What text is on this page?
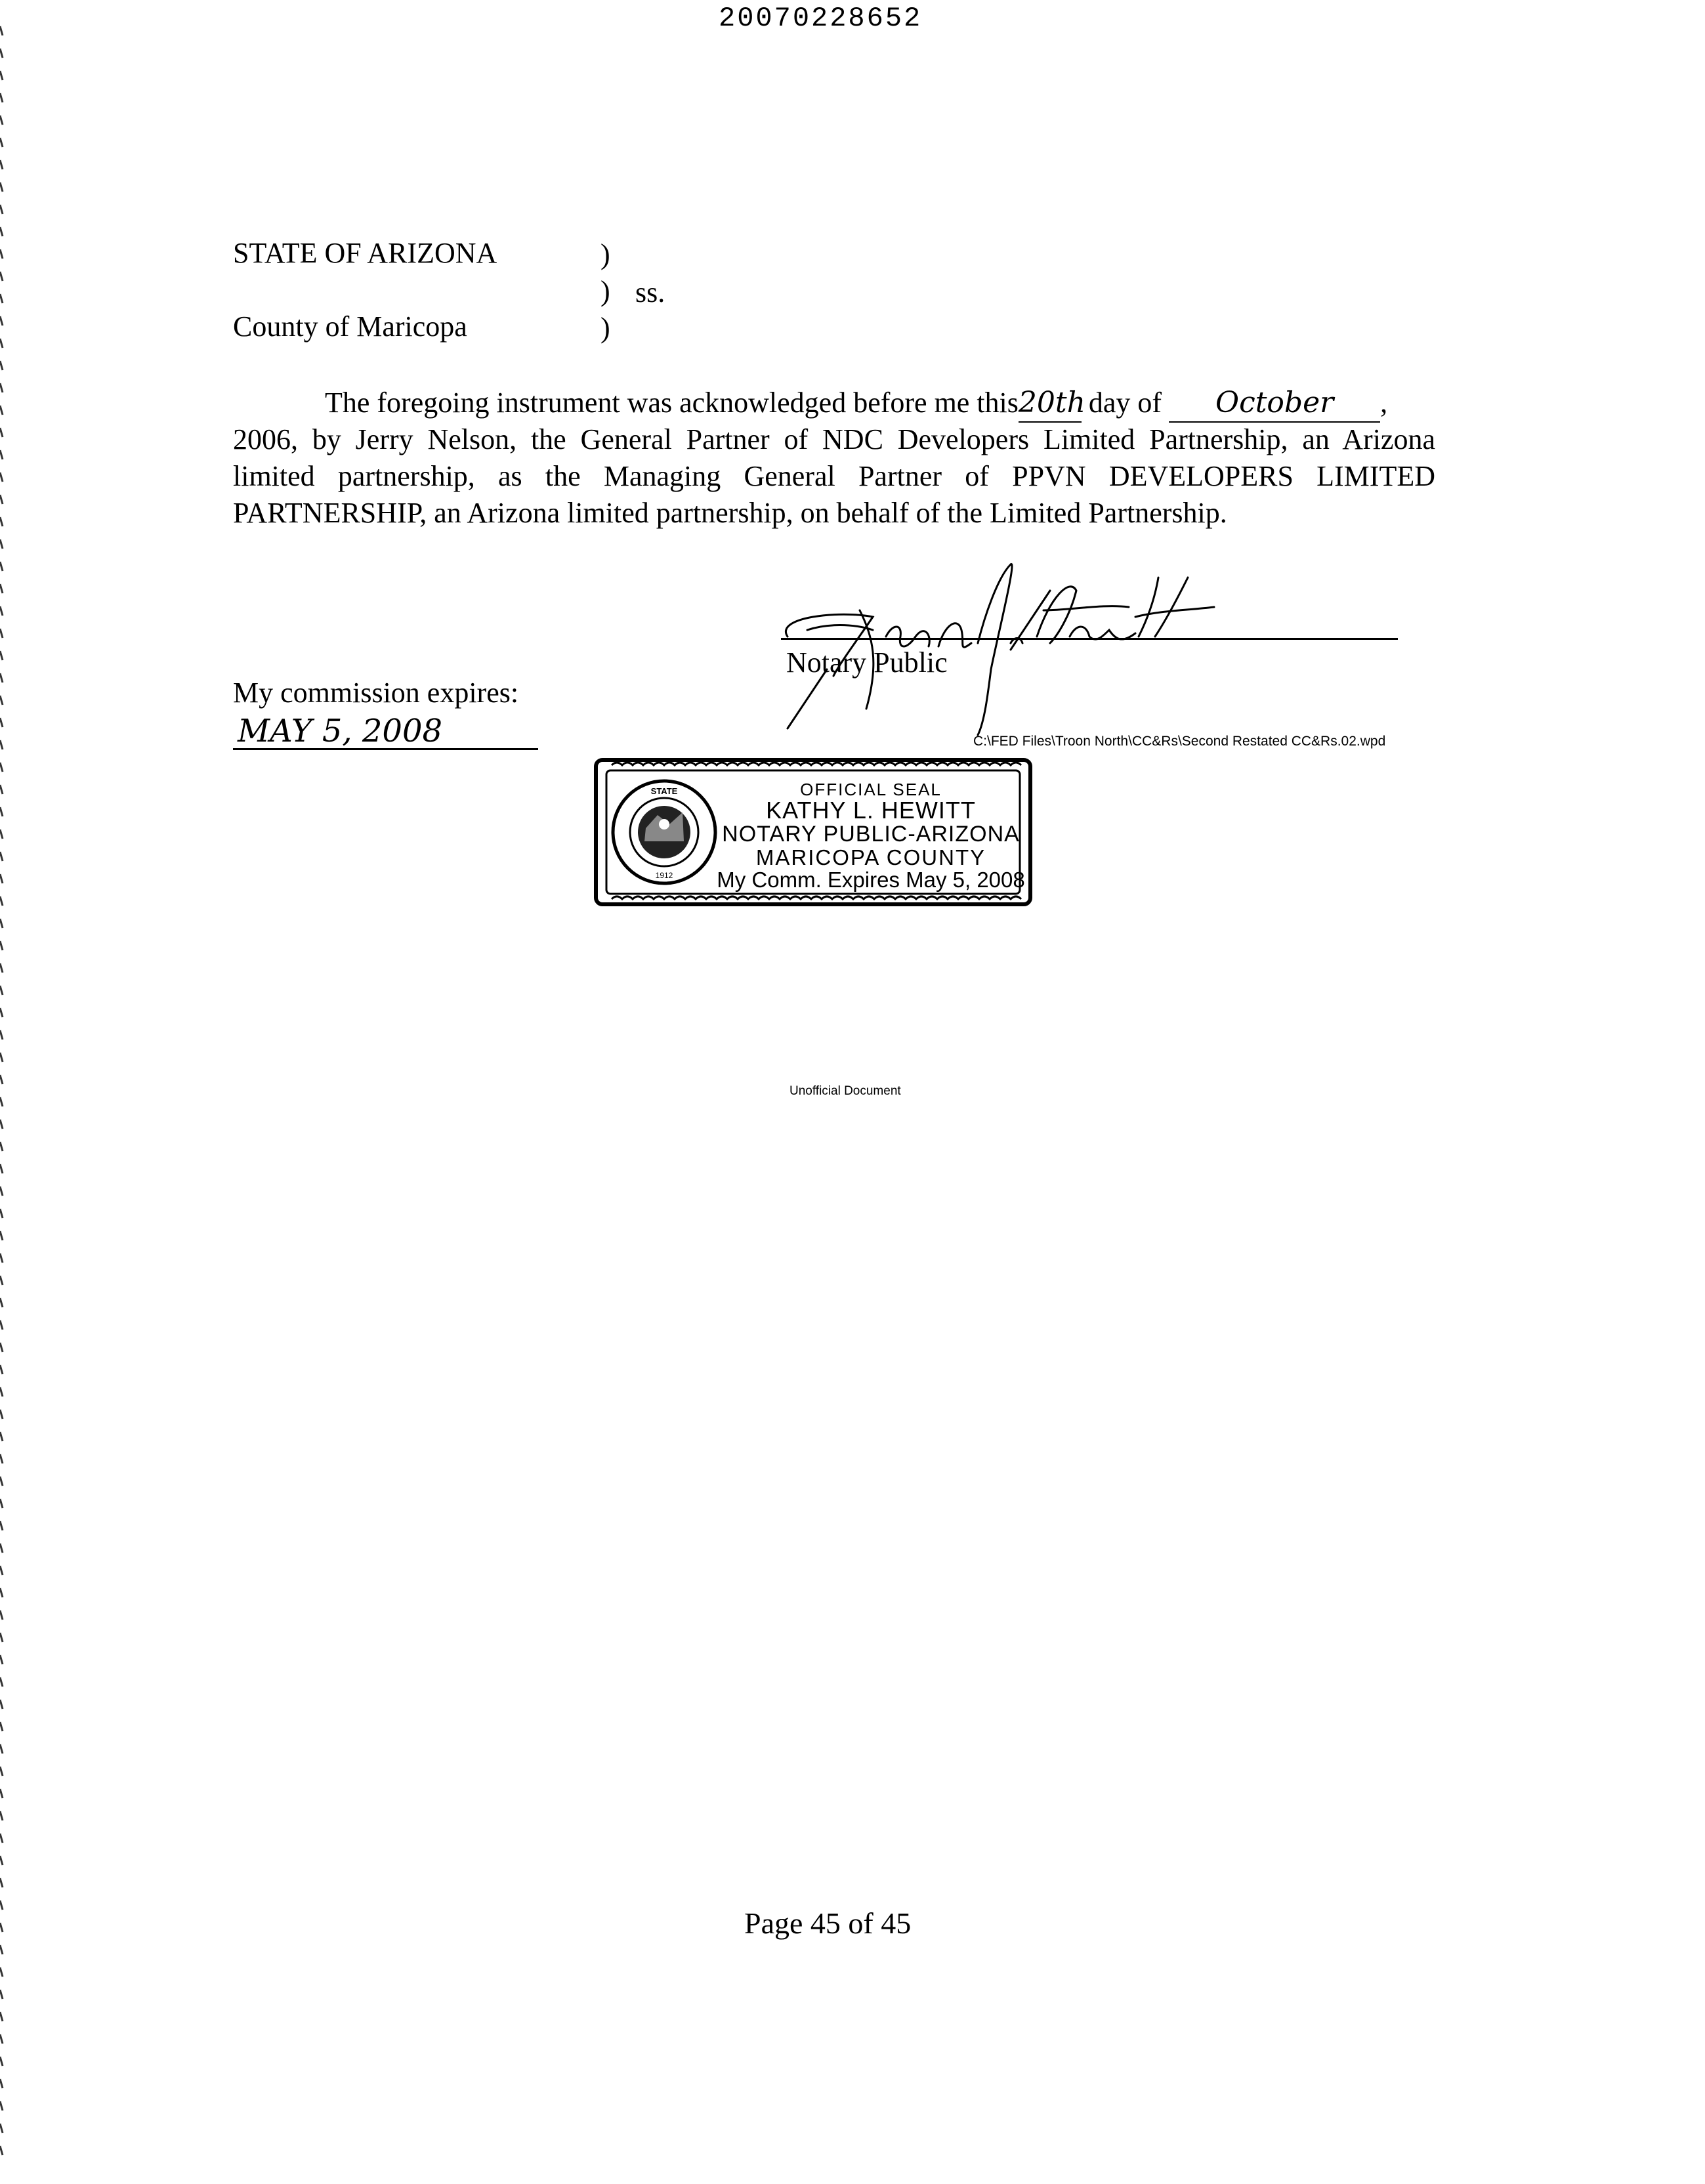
20070228652
STATE OF ARIZONA	)
) ss.
County of Maricopa	)
The foregoing instrument was acknowledged before me this20th day of October ,
2006, by Jerry Nelson, the General Partner of NDC Developers Limited Partnership, an Arizona
limited partnership, as the Managing General Partner of PPVN DEVELOPERS LIMITED
PARTNERSHIP, an Arizona limited partnership, on behalf of the Limited Partnership.
Notary Public
My commission expires:
MAY 5, 2008	C:\FED Files\Troon North\CC&Rs\Second Restated CC&Rs.02.wpd
STATE
1912
OFFICIAL SEAL
KATHY L. HEWITT
NOTARY PUBLIC-ARIZONA
MARICOPA COUNTY
My Comm. Expires May 5, 2008
Unofficial Document
Page 45 of 45
